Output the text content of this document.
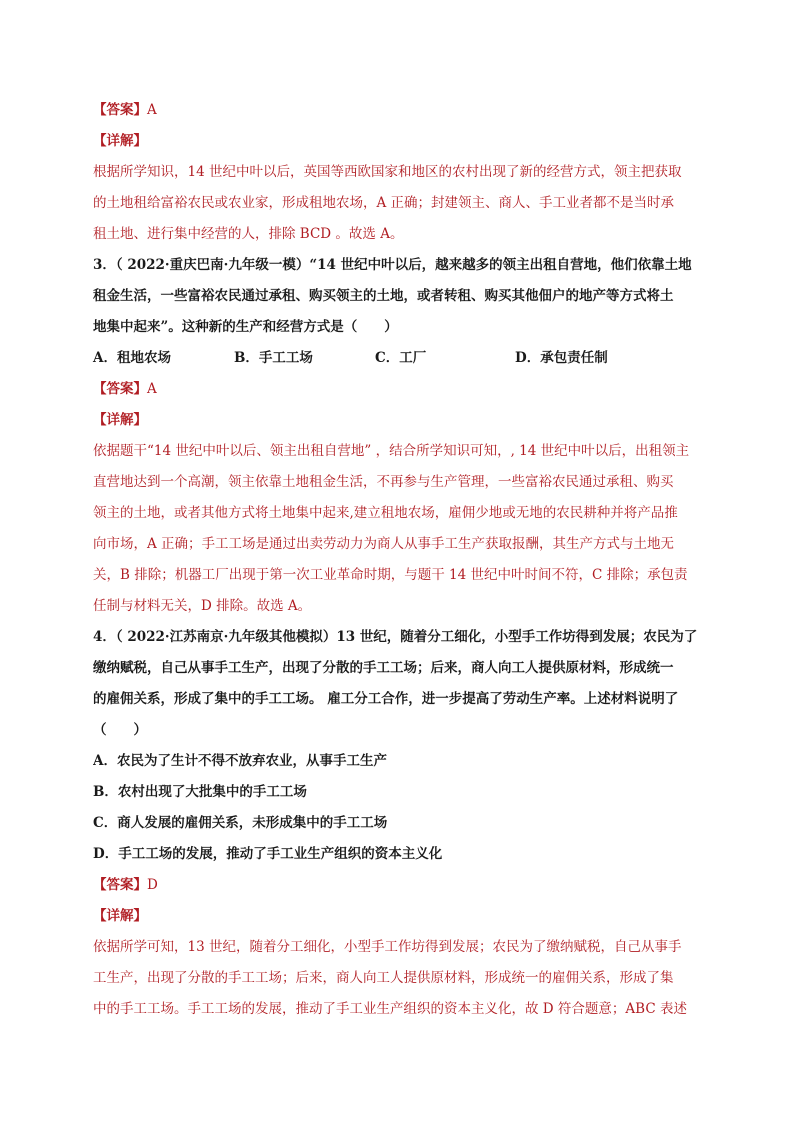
【答案】A
【详解】
根据所学知识，14 世纪中叶以后，英国等西欧国家和地区的农村出现了新的经营方式，领主把获取
的土地租给富裕农民或农业家，形成租地农场，A 正确；封建领主、商人、手工业者都不是当时承
租土地、进行集中经营的人，排除 BCD 。故选 A。
3．（ 2022·重庆巴南·九年级一模）“14 世纪中叶以后，越来越多的领主出租自营地，他们依靠土地
租金生活，一些富裕农民通过承租、购买领主的土地，或者转租、购买其他佃户的地产等方式将土
地集中起来”。这种新的生产和经营方式是（　　）
A．租地农场	B．手工工场	C．工厂	D．承包责任制
【答案】A
【详解】
依据题干“14 世纪中叶以后、领主出租自营地” ，结合所学知识可知，, 14 世纪中叶以后，出租领主
直营地达到一个高潮，领主依靠土地租金生活，不再参与生产管理，一些富裕农民通过承租、购买
领主的土地，或者其他方式将土地集中起来,建立租地农场，雇佣少地或无地的农民耕种并将产品推
向市场，A 正确；手工工场是通过出卖劳动力为商人从事手工生产获取报酬，其生产方式与土地无
关，B 排除；机器工厂出现于第一次工业革命时期，与题干 14 世纪中叶时间不符，C 排除；承包责
任制与材料无关，D 排除。故选 A。
4．（ 2022·江苏南京·九年级其他模拟）13 世纪，随着分工细化，小型手工作坊得到发展；农民为了
缴纳赋税，自己从事手工生产，出现了分散的手工工场；后来，商人向工人提供原材料，形成统一
的雇佣关系，形成了集中的手工工场。 雇工分工合作，进一步提高了劳动生产率。上述材料说明了
（　　）
A．农民为了生计不得不放弃农业，从事手工生产
B．农村出现了大批集中的手工工场
C．商人发展的雇佣关系，未形成集中的手工工场
D．手工工场的发展，推动了手工业生产组织的资本主义化
【答案】D
【详解】
依据所学可知，13 世纪，随着分工细化，小型手工作坊得到发展；农民为了缴纳赋税，自己从事手
工生产，出现了分散的手工工场；后来，商人向工人提供原材料，形成统一的雇佣关系，形成了集
中的手工工场。手工工场的发展，推动了手工业生产组织的资本主义化，故 D 符合题意；ABC 表述
